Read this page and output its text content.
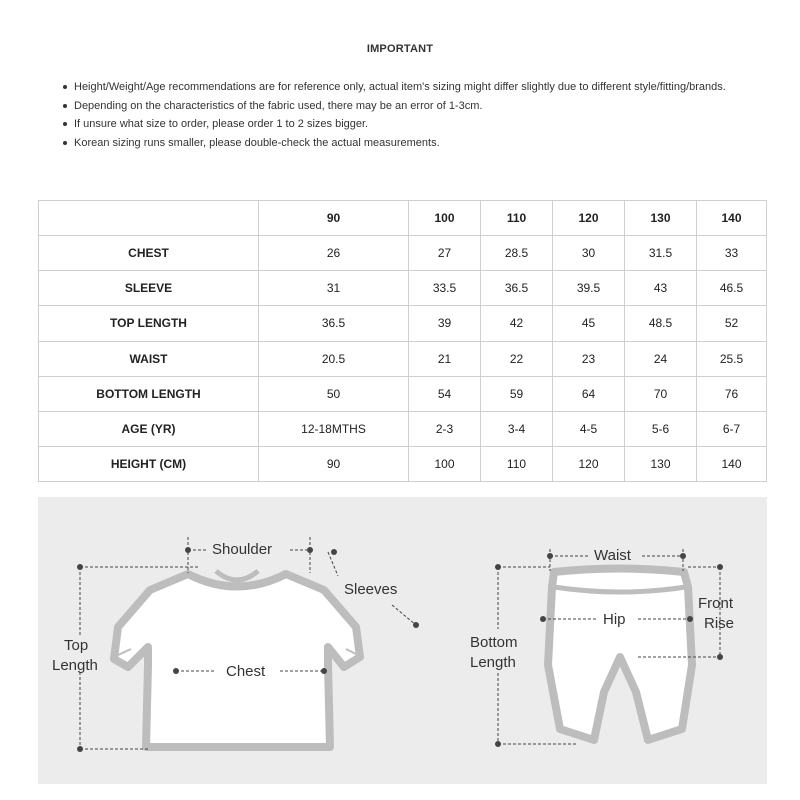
IMPORTANT
Height/Weight/Age recommendations are for reference only, actual item's sizing might differ slightly due to different style/fitting/brands.
Depending on the characteristics of the fabric used, there may be an error of 1-3cm.
If unsure what size to order, please order 1 to 2 sizes bigger.
Korean sizing runs smaller, please double-check the actual measurements.
	90	100	110	120	130	140
CHEST	26	27	28.5	30	31.5	33
SLEEVE	31	33.5	36.5	39.5	43	46.5
TOP LENGTH	36.5	39	42	45	48.5	52
WAIST	20.5	21	22	23	24	25.5
BOTTOM LENGTH	50	54	59	64	70	76
AGE (YR)	12-18MTHS	2-3	3-4	4-5	5-6	6-7
HEIGHT (CM)	90	100	110	120	130	140
Shoulder
Sleeves
Top
Length	Chest
Waist
Hip
Front
Rise
Bottom
Length
